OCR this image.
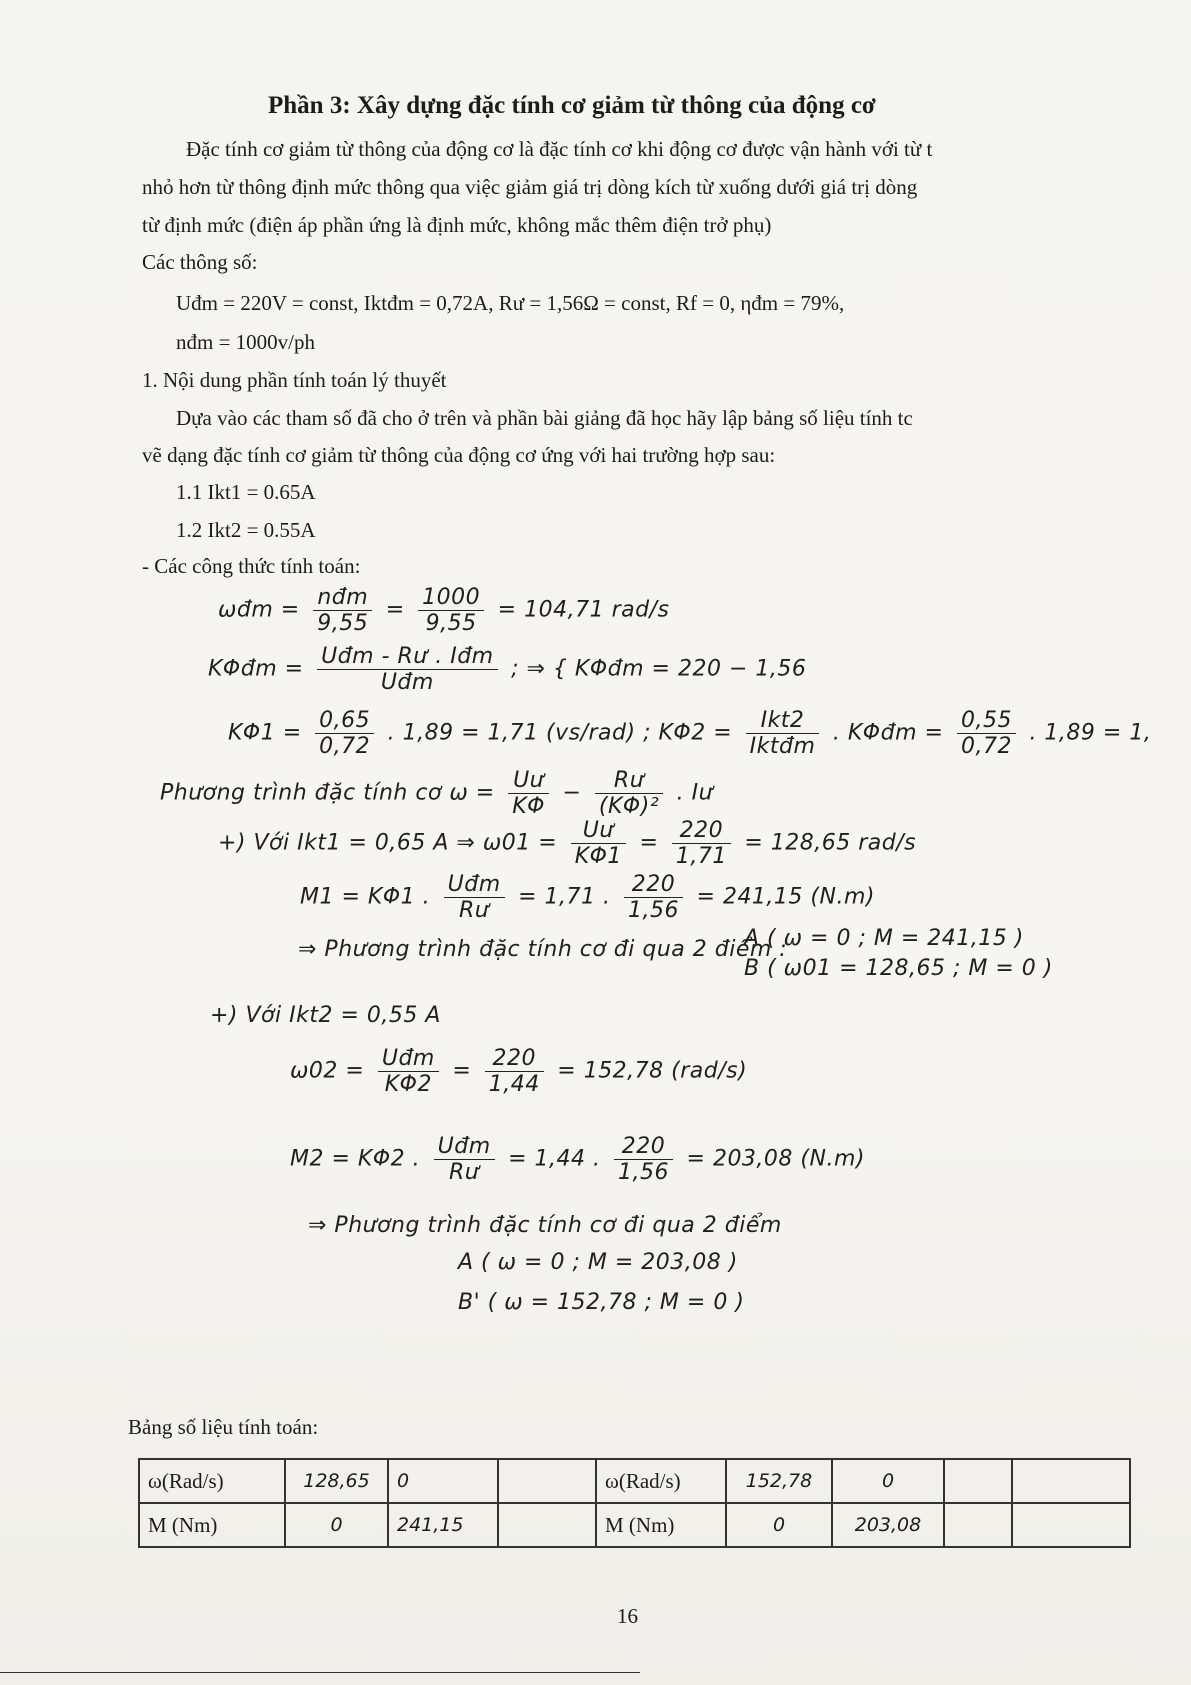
Phần 3: Xây dựng đặc tính cơ giảm từ thông của động cơ
Đặc tính cơ giảm từ thông của động cơ là đặc tính cơ khi động cơ được vận hành với từ t
nhỏ hơn từ thông định mức thông qua việc giảm giá trị dòng kích từ xuống dưới giá trị dòng
từ định mức (điện áp phần ứng là định mức, không mắc thêm điện trở phụ)
Các thông số:
Uđm = 220V = const, Iktđm = 0,72A, Rư = 1,56Ω = const, Rf = 0, ηđm = 79%,
nđm = 1000v/ph
1. Nội dung phần tính toán lý thuyết
Dựa vào các tham số đã cho ở trên và phần bài giảng đã học hãy lập bảng số liệu tính tc
vẽ dạng đặc tính cơ giảm từ thông của động cơ ứng với hai trường hợp sau:
1.1 Ikt1 = 0.65A
1.2 Ikt2 = 0.55A
- Các công thức tính toán:
ωđm = $\frac{\text{nđm}}{9,55} = \frac{1000}{9,55} = 104,71$ rad/s
KΦđm = $\frac{\text{Uđm - Rư . Iđm}}{\text{Uđm}}$ ; ⇒ { KΦđm = 220 − 1,56
$K\Phi 1 = \frac{0,65}{0,72}$ . 1,89 = 1,71 (vs/rad) ; $K\Phi 2 = \frac{\text{Ikt2}}{\text{Iktđm}}$ . KΦđm = $\frac{0,55}{0,72}$ . 1,89 = 1,
Phương trình đặc tính cơ $\omega = \frac{Uư}{K\Phi} - \frac{Rư}{\text{(KΦ)²}}$ . Iư
+) Với Ikt1 = 0,65 A ⇒ $\omega 01 = \frac{Uư}{K\Phi 1} = \frac{220}{1,71} = 128,65$ rad/s
M1 = KΦ1 . $\frac{\text{Uđm}}{Rư} = 1,71$ . $\frac{220}{1,56} = 241,15$ (N.m)
⇒ Phương trình đặc tính cơ đi qua 2 điểm :
A ( ω = 0 ; M = 241,15 )
B ( ω01 = 128,65 ; M = 0 )
+) Với Ikt2 = 0,55 A
$\omega 02 = \frac{\text{Uđm}}{K\Phi 2} = \frac{220}{1,44} = 152,78$ (rad/s)
M2 = KΦ2 . $\frac{\text{Uđm}}{Rư} = 1,44$ . $\frac{220}{1,56} = 203,08$ (N.m)
⇒ Phương trình đặc tính cơ đi qua 2 điểm
A ( ω = 0 ; M = 203,08 )
B' ( ω = 152,78 ; M = 0 )
Bảng số liệu tính toán:
ω(Rad/s)	128,65	0		ω(Rad/s)	152,78	0		
M (Nm)	0	241,15		M (Nm)	0	203,08		
16
